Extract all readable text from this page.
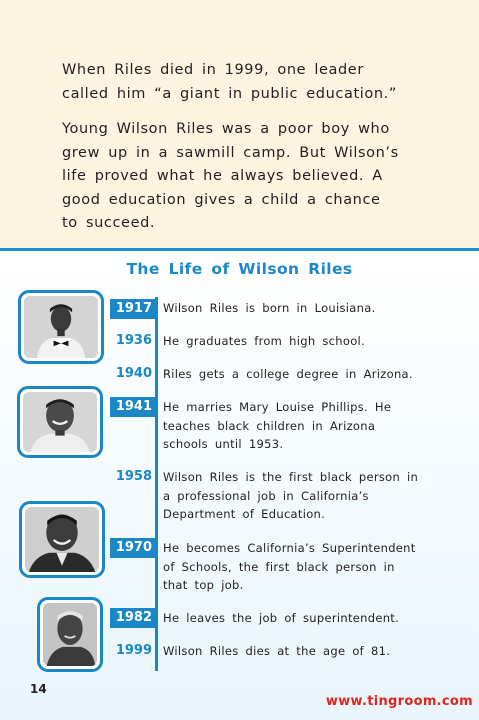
When Riles died in 1999, one leader called him “a giant in public education.”

Young Wilson Riles was a poor boy who grew up in a sawmill camp. But Wilson’s life proved what he always believed. A good education gives a child a chance to succeed.

The Life of Wilson Riles
1917 Wilson Riles is born in Louisiana.

1936 He graduates from high school.

1940 Riles gets a college degree in Arizona.

1941 He marries Mary Louise Phillips. He teaches black children in Arizona schools until 1953.

1958 Wilson Riles is the first black person in a professional job in California’s Department of Education.

1970 He becomes California’s Superintendent of Schools, the first black person in that top job.

1982 He leaves the job of superintendent.

1999 Wilson Riles dies at the age of 81.

14
www.tingroom.com
